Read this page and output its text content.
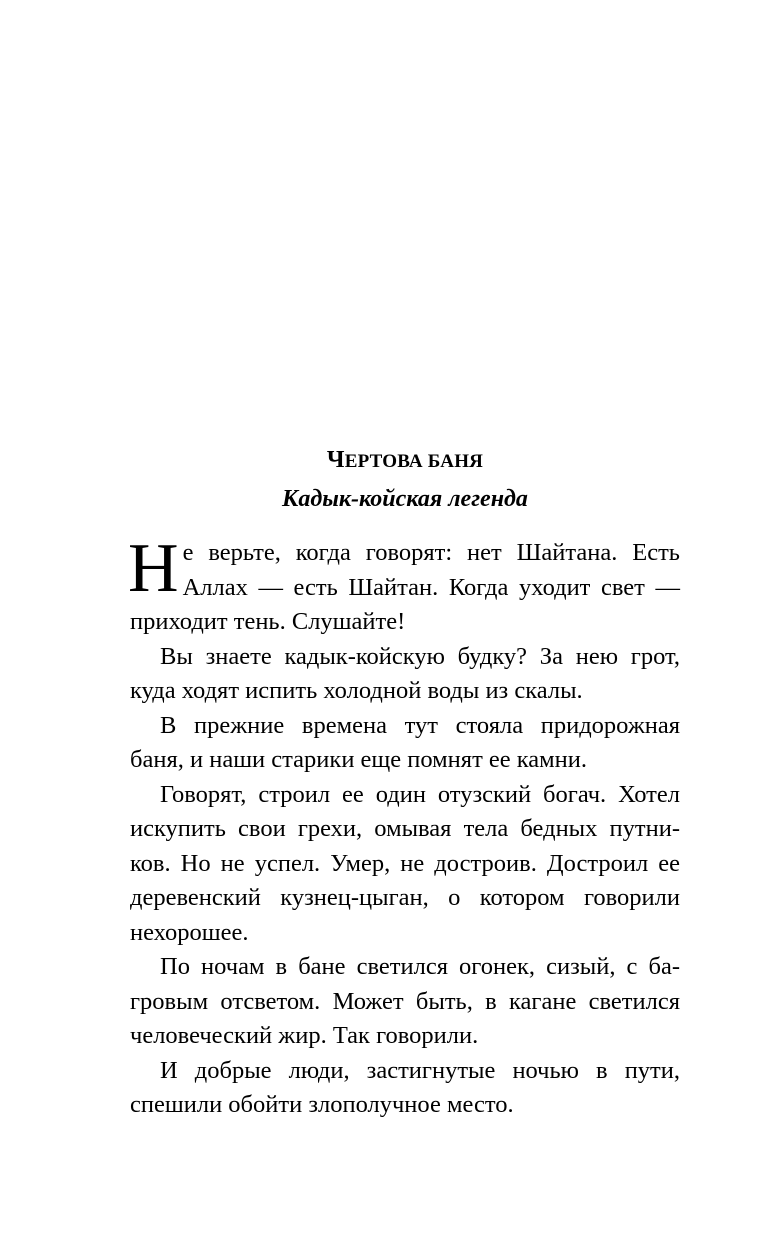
ЧЕРТОВА БАНЯ
Кадык-койская легенда
Н е верьте, когда говорят: нет Шайтана. Есть
Аллах — есть Шайтан. Когда уходит свет —
приходит тень. Слушайте!
Вы знаете кадык-койскую будку? За нею грот,
куда ходят испить холодной воды из скалы.
В прежние времена тут стояла придорожная
баня, и наши старики еще помнят ее камни.
Говорят, строил ее один отузский богач. Хотел
искупить свои грехи, омывая тела бедных путни-
ков. Но не успел. Умер, не достроив. Достроил ее
деревенский кузнец-цыган, о котором говорили
нехорошее.
По ночам в бане светился огонек, сизый, с ба-
гровым отсветом. Может быть, в кагане светился
человеческий жир. Так говорили.
И добрые люди, застигнутые ночью в пути,
спешили обойти злополучное место.
